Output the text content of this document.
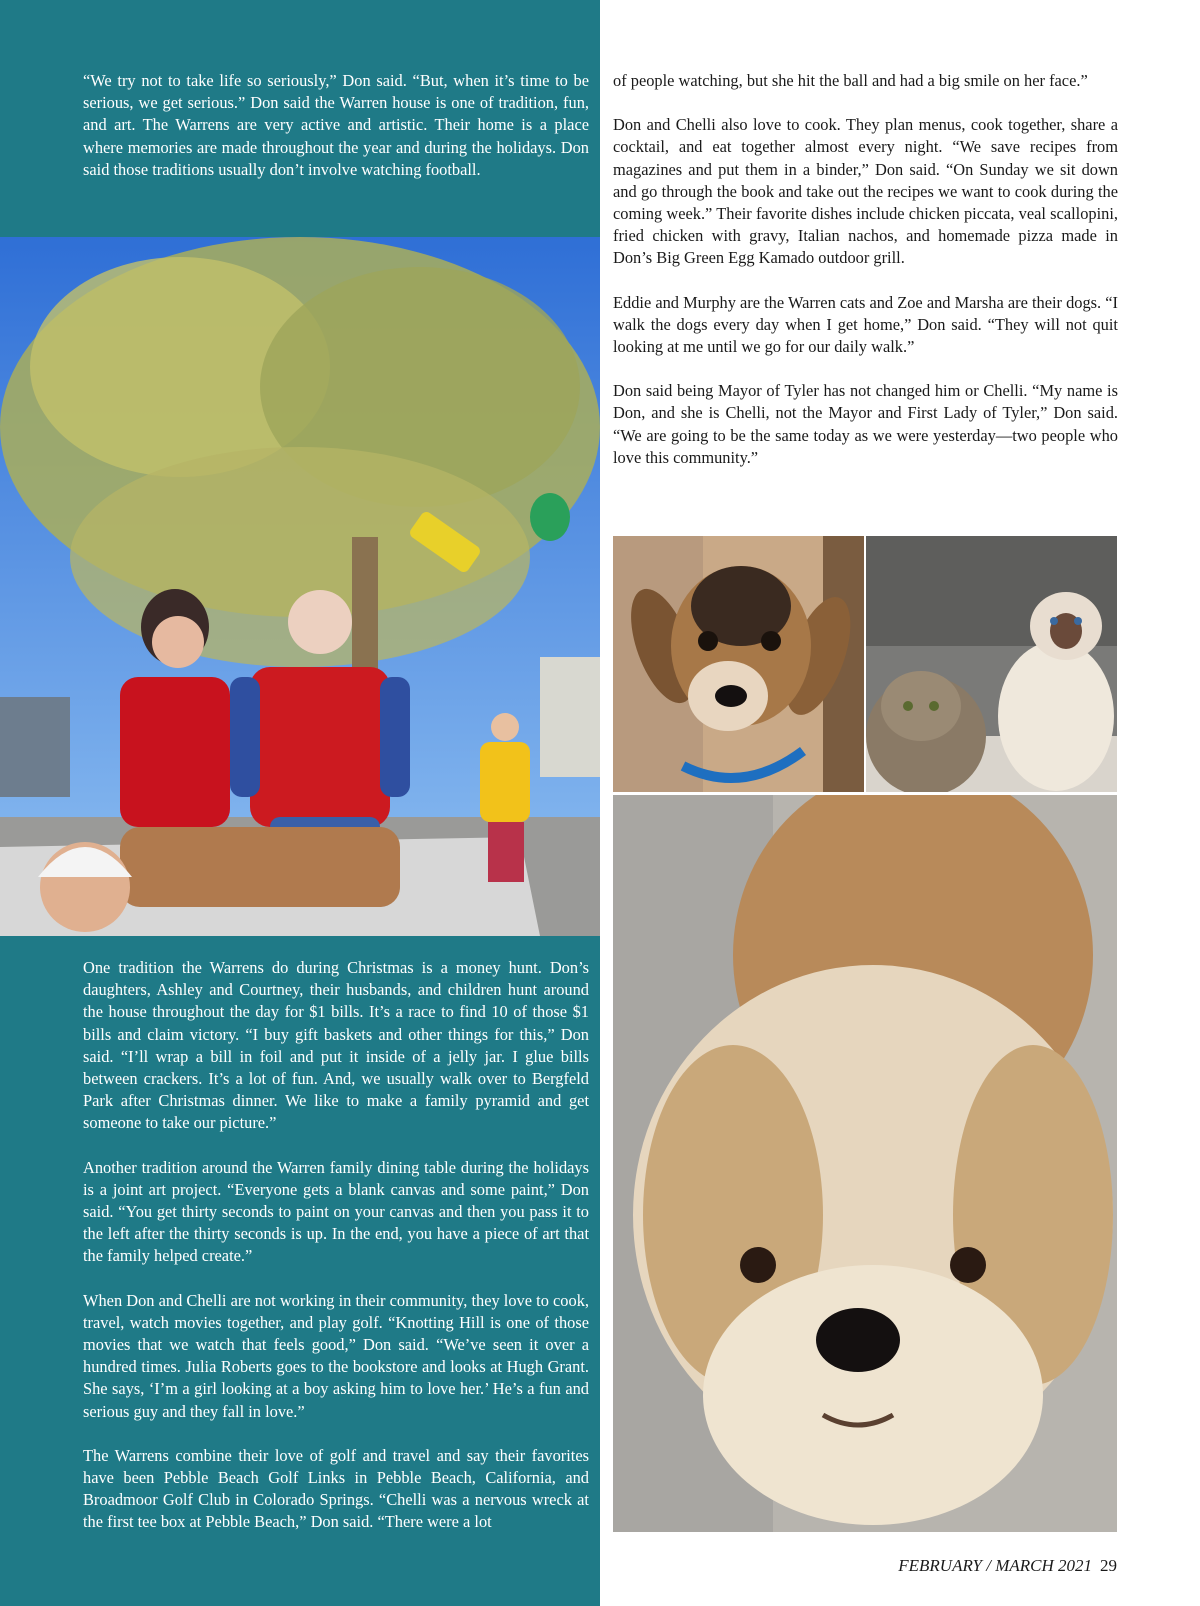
“We try not to take life so seriously,” Don said. “But, when it’s time to be serious, we get serious.” Don said the Warren house is one of tradition, fun, and art. The Warrens are very active and artistic. Their home is a place where memories are made throughout the year and during the holidays. Don said those traditions usually don’t involve watching football.

One tradition the Warrens do during Christmas is a money hunt. Don’s daughters, Ashley and Courtney, their husbands, and children hunt around the house throughout the day for $1 bills. It’s a race to find 10 of those $1 bills and claim victory. “I buy gift baskets and other things for this,” Don said. “I’ll wrap a bill in foil and put it inside of a jelly jar. I glue bills between crackers. It’s a lot of fun. And, we usually walk over to Bergfeld Park after Christmas dinner. We like to make a family pyramid and get someone to take our picture.”

Another tradition around the Warren family dining table during the holidays is a joint art project. “Everyone gets a blank canvas and some paint,” Don said. “You get thirty seconds to paint on your canvas and then you pass it to the left after the thirty seconds is up. In the end, you have a piece of art that the family helped create.”

When Don and Chelli are not working in their community, they love to cook, travel, watch movies together, and play golf. “Knotting Hill is one of those movies that we watch that feels good,” Don said. “We’ve seen it over a hundred times. Julia Roberts goes to the bookstore and looks at Hugh Grant. She says, ‘I’m a girl looking at a boy asking him to love her.’ He’s a fun and serious guy and they fall in love.”

The Warrens combine their love of golf and travel and say their favorites have been Pebble Beach Golf Links in Pebble Beach, California, and Broadmoor Golf Club in Colorado Springs. “Chelli was a nervous wreck at the first tee box at Pebble Beach,” Don said. “There were a lot

of people watching, but she hit the ball and had a big smile on her face.”

Don and Chelli also love to cook. They plan menus, cook together, share a cocktail, and eat together almost every night. “We save recipes from magazines and put them in a binder,” Don said. “On Sunday we sit down and go through the book and take out the recipes we want to cook during the coming week.” Their favorite dishes include chicken piccata, veal scallopini, fried chicken with gravy, Italian nachos, and homemade pizza made in Don’s Big Green Egg Kamado outdoor grill.

Eddie and Murphy are the Warren cats and Zoe and Marsha are their dogs. “I walk the dogs every day when I get home,” Don said. “They will not quit looking at me until we go for our daily walk.”

Don said being Mayor of Tyler has not changed him or Chelli. “My name is Don, and she is Chelli, not the Mayor and First Lady of Tyler,” Don said. “We are going to be the same today as we were yesterday—two people who love this community.”

FEBRUARY / MARCH 2021 29
